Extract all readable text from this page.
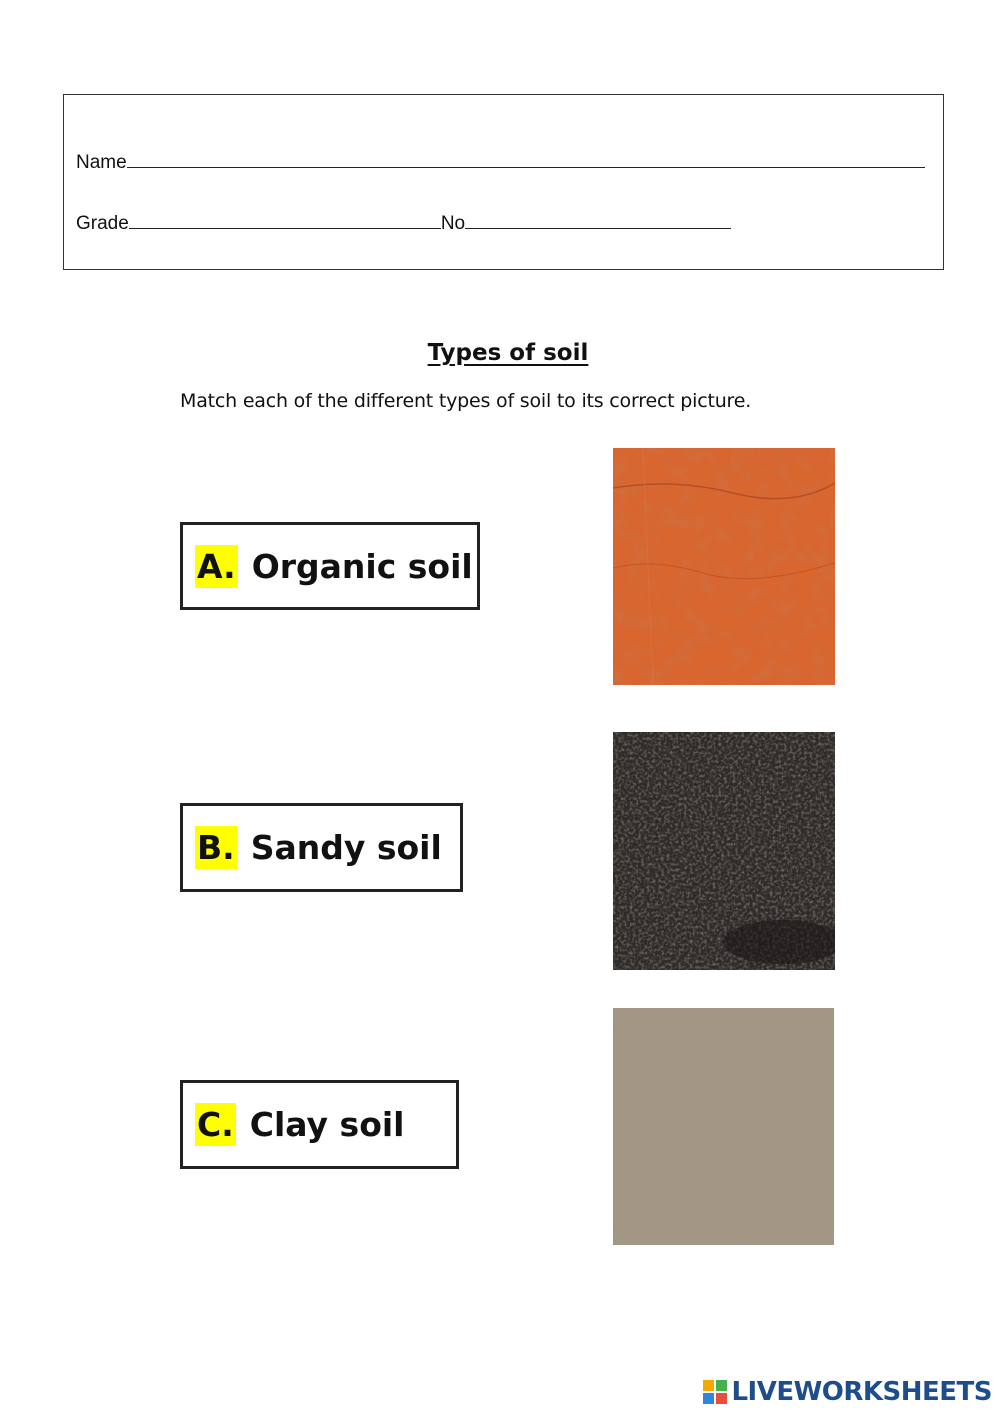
Name
Grade	No
Types of soil
Match each of the different types of soil to its correct picture.
A. Organic soil
B. Sandy soil
C. Clay soil
LIVEWORKSHEETS
